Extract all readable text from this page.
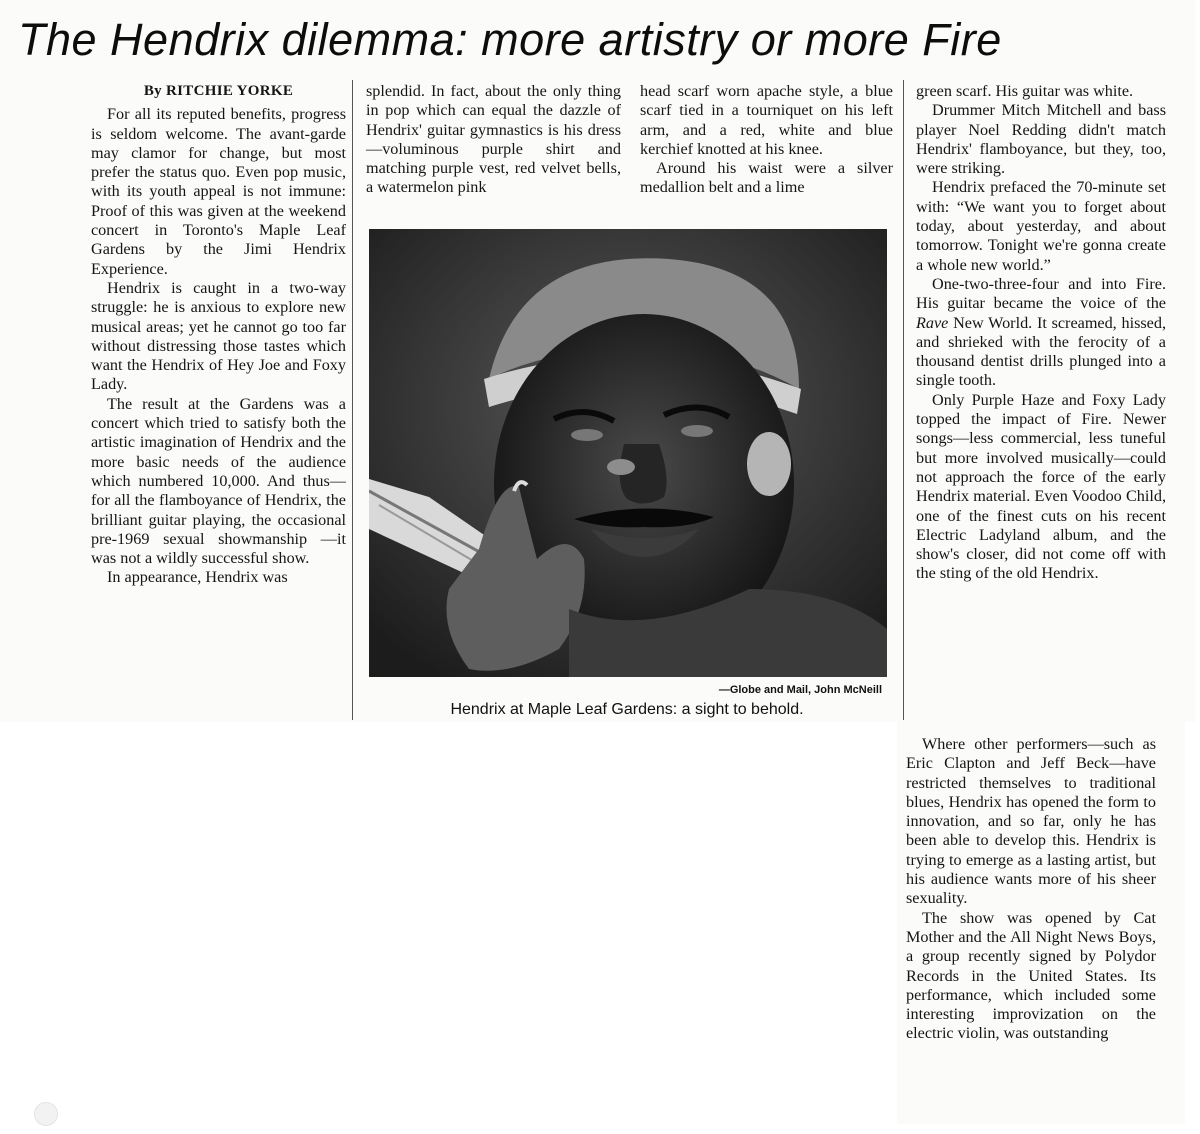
The Hendrix dilemma: more artistry or more Fire
By RITCHIE YORKE

For all its reputed benefits, progress is seldom welcome. The avant-garde may clamor for change, but most prefer the status quo. Even pop music, with its youth appeal is not immune: Proof of this was given at the weekend concert in Toronto's Maple Leaf Gardens by the Jimi Hendrix Experience.

Hendrix is caught in a two-way struggle: he is anxious to explore new musical areas; yet he cannot go too far without distressing those tastes which want the Hendrix of Hey Joe and Foxy Lady.

The result at the Gardens was a concert which tried to satisfy both the artistic imagination of Hendrix and the more basic needs of the audience which numbered 10,000. And thus—for all the flamboyance of Hendrix, the brilliant guitar playing, the occasional pre-1969 sexual showmanship —it was not a wildly successful show.

In appearance, Hendrix was

splendid. In fact, about the only thing in pop which can equal the dazzle of Hendrix' guitar gymnastics is his dress —voluminous purple shirt and matching purple vest, red velvet bells, a watermelon pink

head scarf worn apache style, a blue scarf tied in a tourniquet on his left arm, and a red, white and blue kerchief knotted at his knee.

Around his waist were a silver medallion belt and a lime

—Globe and Mail, John McNeill
Hendrix at Maple Leaf Gardens: a sight to behold.

green scarf. His guitar was white.

Drummer Mitch Mitchell and bass player Noel Redding didn't match Hendrix' flamboyance, but they, too, were striking.

Hendrix prefaced the 70-minute set with: “We want you to forget about today, about yesterday, and about tomorrow. Tonight we're gonna create a whole new world.”

One-two-three-four and into Fire. His guitar became the voice of the Rave New World. It screamed, hissed, and shrieked with the ferocity of a thousand dentist drills plunged into a single tooth.

Only Purple Haze and Foxy Lady topped the impact of Fire. Newer songs—less commercial, less tuneful but more involved musically—could not approach the force of the early Hendrix material. Even Voodoo Child, one of the finest cuts on his recent Electric Ladyland album, and the show's closer, did not come off with the sting of the old Hendrix.

Where other performers—such as Eric Clapton and Jeff Beck—have restricted themselves to traditional blues, Hendrix has opened the form to innovation, and so far, only he has been able to develop this. Hendrix is trying to emerge as a lasting artist, but his audience wants more of his sheer sexuality.

The show was opened by Cat Mother and the All Night News Boys, a group recently signed by Polydor Records in the United States. Its performance, which included some interesting improvization on the electric violin, was outstanding
